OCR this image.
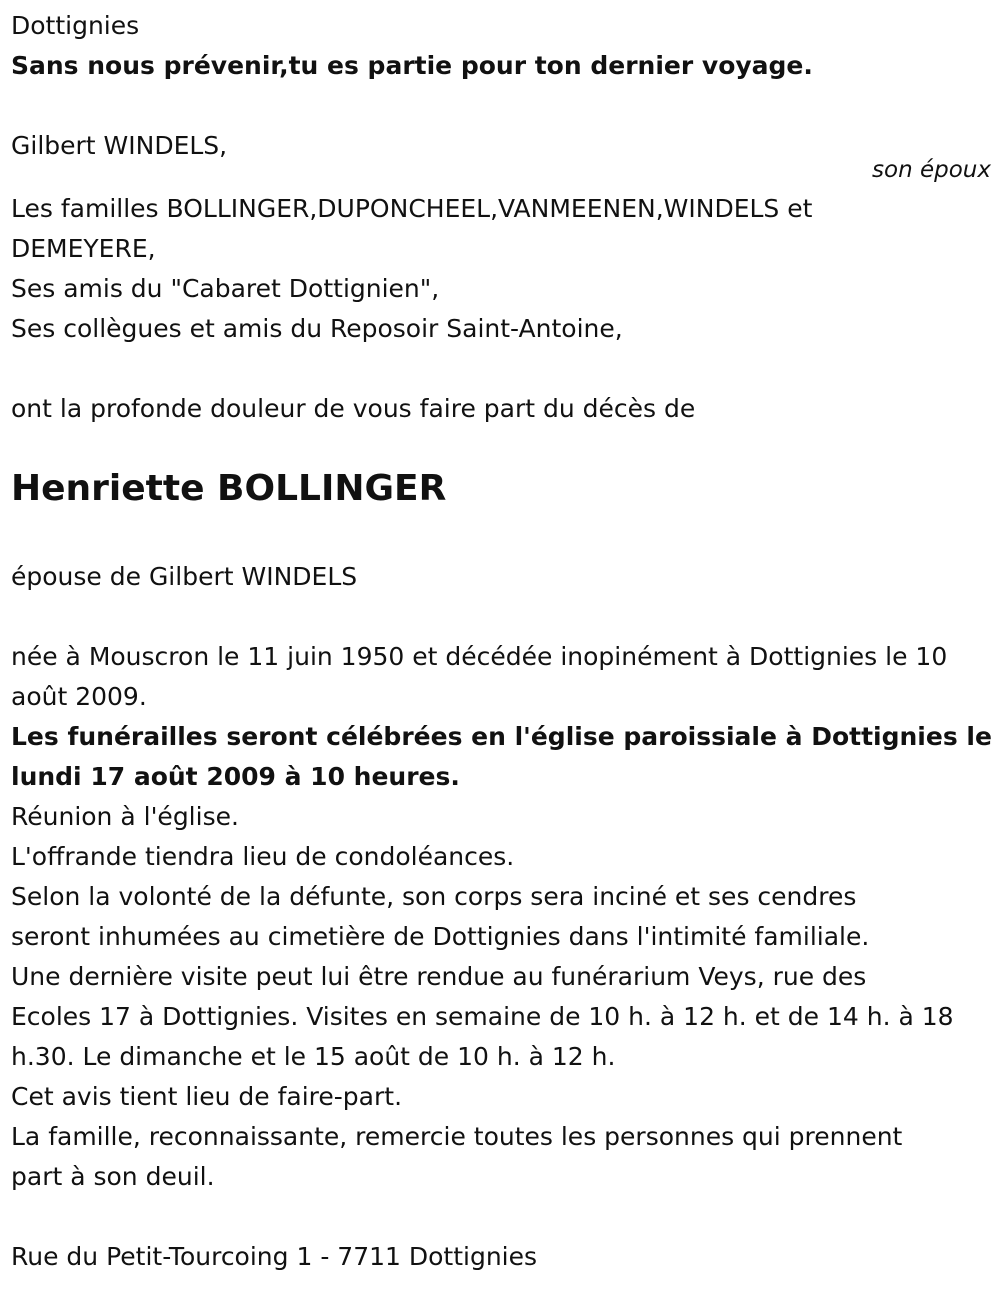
Dottignies
Sans nous prévenir,tu es partie pour ton dernier voyage.
Gilbert WINDELS,
son époux
Les familles BOLLINGER,DUPONCHEEL,VANMEENEN,WINDELS et
DEMEYERE,
Ses amis du "Cabaret Dottignien",
Ses collègues et amis du Reposoir Saint-Antoine,
ont la profonde douleur de vous faire part du décès de
Henriette BOLLINGER
épouse de Gilbert WINDELS
née à Mouscron le 11 juin 1950 et décédée inopinément à Dottignies le 10
août 2009.
Les funérailles seront célébrées en l'église paroissiale à Dottignies le
lundi 17 août 2009 à 10 heures.
Réunion à l'église.
L'offrande tiendra lieu de condoléances.
Selon la volonté de la défunte, son corps sera inciné et ses cendres
seront inhumées au cimetière de Dottignies dans l'intimité familiale.
Une dernière visite peut lui être rendue au funérarium Veys, rue des
Ecoles 17 à Dottignies. Visites en semaine de 10 h. à 12 h. et de 14 h. à 18
h.30. Le dimanche et le 15 août de 10 h. à 12 h.
Cet avis tient lieu de faire-part.
La famille, reconnaissante, remercie toutes les personnes qui prennent
part à son deuil.
Rue du Petit-Tourcoing 1 - 7711 Dottignies
